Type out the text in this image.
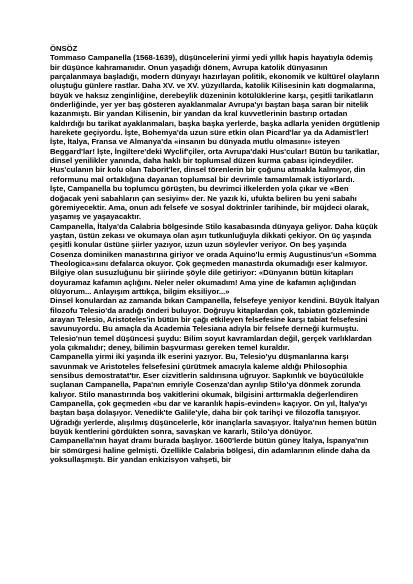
ÖNSÖZ

Tommaso Campanella (1568-1639), düşüncelerini yirmi yedi yıllık hapis hayatıyla ödemiş bir düşünce kahramanıdır. Onun yaşadığı dönem, Avrupa katolik dünyasının parçalanmaya başladığı, modern dünyayı hazırlayan politik, ekonomik ve kültürel olayların oluştuğu günlere rastlar. Daha XV. ve XV. yüzyıllarda, katolik Kilisesinin katı dogmalarına, büyük ve haksız zenginliğine, derebeylik düzeninin kötülüklerine karşı, çeşitli tarikatların önderliğinde, yer yer baş gösteren ayaklanmalar Avrupa'yı baştan başa saran bir nitelik kazanmıştı. Bir yandan Kilisenin, bir yandan da kral kuvvetlerinin bastırıp ortadan kaldırdığı bu tarikat ayaklanmaları, başka başka yerlerde, başka adlarla yeniden örgütlenip harekete geçiyordu. İşte, Bohemya'da uzun süre etkin olan Picard'lar ya da Adamist'ler! İşte, İtalya, Fransa ve Almanya'da «insanın bu dünyada mutlu olmasını» isteyen Beggard'lar! İşte, İngiltere'deki Wyclif'çiler, orta Avrupa'daki Hus'cular! Bütün bu tarikatlar, dinsel yenilikler yanında, daha haklı bir toplumsal düzen kurma çabası içindeydiler. Hus'culanın bir kolu olan Taborit'ler, dinsel törenlerin bir çoğunu atmakla kalmıyor, din reformunu mal ortaklığına dayanan toplumsal bir devrimle tamamlamak istiyorlardı.

İşte, Campanella bu toplumcu görüşten, bu devrimci ilkelerden yola çıkar ve «Ben doğacak yeni sabahların çan sesiyim» der. Ne yazık ki, ufukta beliren bu yeni sabahı göremiyecektir. Ama, onun adı felsefe ve sosyal doktrinler tarihinde, bir müjdeci olarak, yaşamış ve yaşayacaktır.

Campanella, İtalya'da Calabria bölgesinde Stilo kasabasında dünyaya geliyor. Daha küçük yaştan, üstün zekası ve okumaya olan aşırı tutkunluğuyla dikkati çekiyor. On üç yaşında çeşitli konular üstüne şiirler yazıyor, uzun uzun söylevler veriyor. On beş yaşında Cosenza dominiken manastırına giriyor ve orada Aquino'lu ermiş Augustinus'un «Somma Theologica»sını defalarca okuyor. Çok geçmeden manastırda okumadığı eser kalmıyor. Bilgiye olan susuzluğunu bir şiirinde şöyle dile getiriyor: «Dünyanın bütün kitapları doyuramaz kafamın açlığını. Neler neler okumadım! Ama yine de kafamın açlığından ölüyorum... Anlayışım arttıkça, bilgim eksiliyor...»

Dinsel konulardan az zamanda bıkan Campanella, felsefeye yeniyor kendini. Büyük İtalyan filozofu Telesio'da aradığı önderi buluyor. Doğruyu kitaplardan çok, tabiatın gözleminde arayan Telesio, Aristoteles'in bütün bir çağı etkileyen felsefesine karşı tabiat felsefesini savunuyordu. Bu amaçla da Academia Telesiana adıyla bir felsefe derneği kurmuştu. Telesio'nun temel düşüncesi şuydu: Bilim soyut kavramlardan değil, gerçek varlıklardan yola çıkmalıdır; deney, bilimin başvurması gereken temel kuraldır.

Campanella yirmi iki yaşında ilk eserini yazıyor. Bu, Telesio'yu düşmanlarına karşı savunmak ve Aristoteles felsefesini çürütmek amacıyla kaleme aldığı Philosophia sensibus demostratat'tır. Eser cizvitlerin saldırısına uğruyor. Sapkınlık ve büyücülükle suçlanan Campanella, Papa'nın emriyle Cosenza'dan ayrılıp Stilo'ya dönmek zorunda kalıyor. Stilo manastırında boş vakitlerini okumak, bilgisini arttırmakla değerlendiren Campanella, çok geçmeden «bu dar ve karanlık hapis-evinden» kaçıyor. On yıl, İtalya'yı baştan başa dolaşıyor. Venedik'te Galile'yle, daha bir çok tarihçi ve filozofla tanışıyor. Uğradığı yerlerde, alışılmış düşüncelerle, kör inançlarla savaşıyor. İtalya'nın hemen bütün büyük kentlerini gördükten sonra, savaşkan ve kararlı, Stilo'ya dönüyor.

Campanella'nın hayat dramı burada başlıyor. 1600'lerde bütün güney İtalya, İspanya'nın bir sömürgesi haline gelmişti. Özellikle Calabria bölgesi, din adamlarının elinde daha da yoksullaşmıştı. Bir yandan enkizisyon vahşeti, bir
